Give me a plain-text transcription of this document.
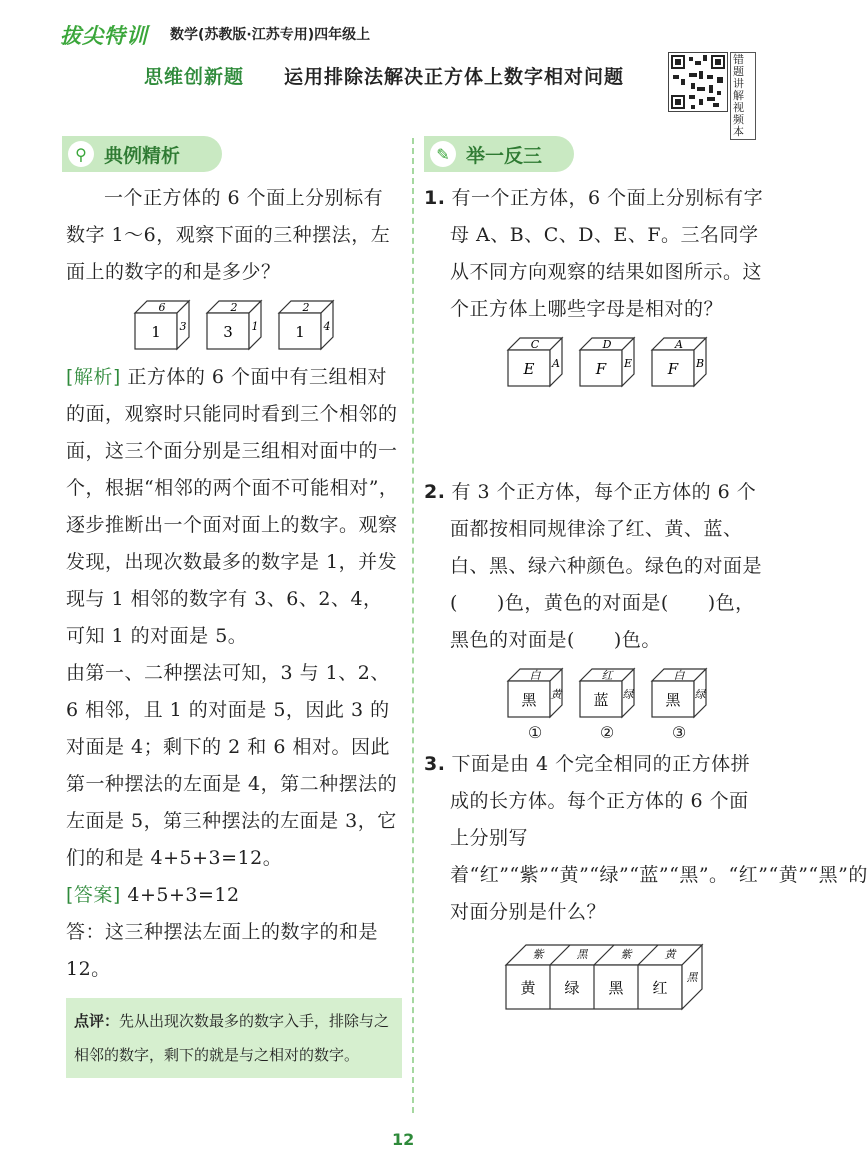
拔尖特训 数学(苏教版·江苏专用)四年级上
思维创新题 运用排除法解决正方体上数字相对问题
错题讲解视频本
⚲ 典例精析	✎ 举一反三
一个正方体的 6 个面上分别标有数字 1～6，观察下面的三种摆法，左面上的数字的和是多少？
6
1 3
2
3 1
2
1 4
[解析] 正方体的 6 个面中有三组相对的面，观察时只能同时看到三个相邻的面，这三个面分别是三组相对面中的一个，根据“相邻的两个面不可能相对”，逐步推断出一个面对面上的数字。观察发现，出现次数最多的数字是 1，并发现与 1 相邻的数字有 3、6、2、4，可知 1 的对面是 5。
由第一、二种摆法可知，3 与 1、2、6 相邻，且 1 的对面是 5，因此 3 的对面是 4；剩下的 2 和 6 相对。因此第一种摆法的左面是 4，第二种摆法的左面是 5，第三种摆法的左面是 3，它们的和是 4+5+3=12。
[答案] 4+5+3=12
答：这三种摆法左面上的数字的和是 12。
点评：先从出现次数最多的数字入手，排除与之相邻的数字，剩下的就是与之相对的数字。
1. 有一个正方体，6 个面上分别标有字母 A、B、C、D、E、F。三名同学从不同方向观察的结果如图所示。这个正方体上哪些字母是相对的？
C
E A
D
F E
A
F B
2. 有 3 个正方体，每个正方体的 6 个面都按相同规律涂了红、黄、蓝、白、黑、绿六种颜色。绿色的对面是(　　)色，黄色的对面是(　　)色，黑色的对面是(　　)色。
白
黑 黄
①
红
蓝 绿
②
白
黑 绿
③
3. 下面是由 4 个完全相同的正方体拼成的长方体。每个正方体的 6 个面上分别写着“红”“紫”“黄”“绿”“蓝”“黑”。“红”“黄”“黑”的对面分别是什么？
紫	黑	紫	黄
黄 绿 黑 红
黑
12
